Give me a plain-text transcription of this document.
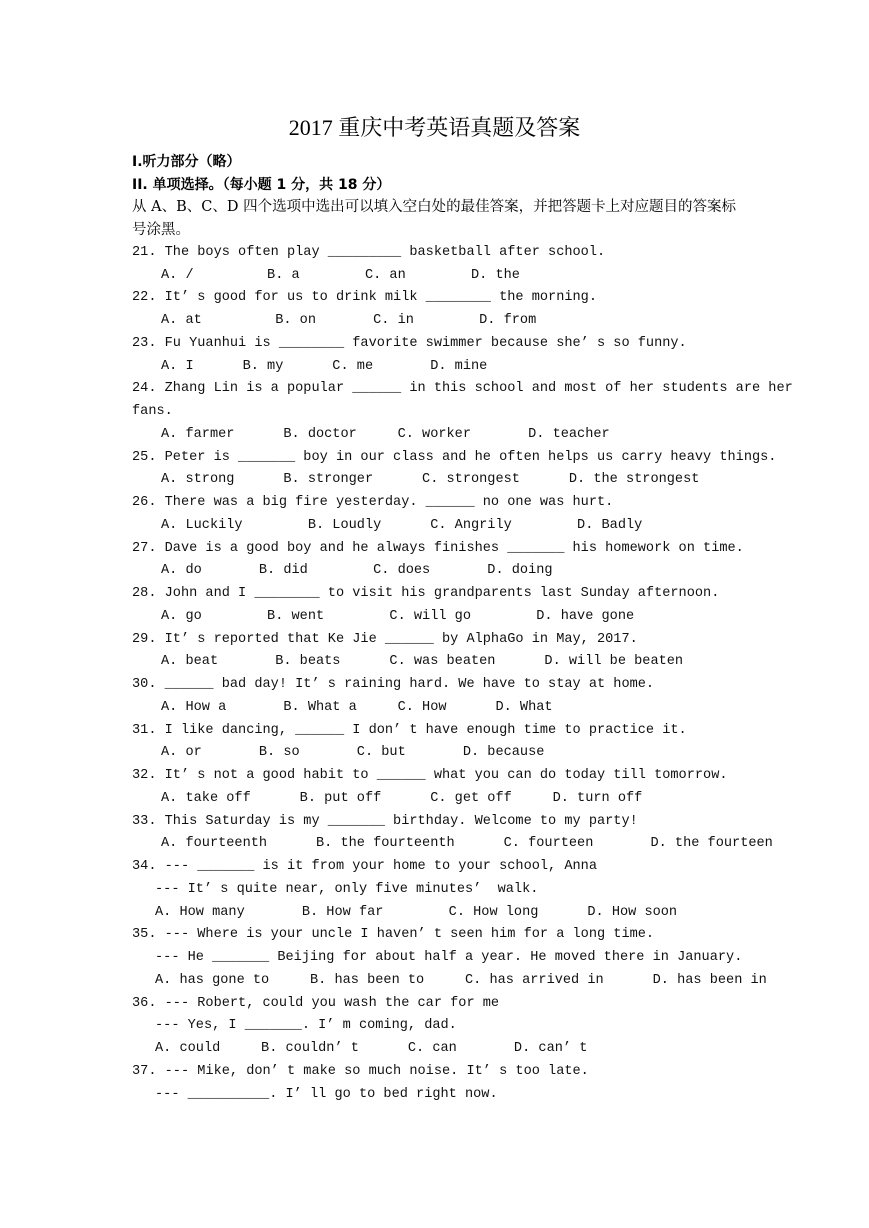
2017 重庆中考英语真题及答案
I.听力部分（略）
II. 单项选择。（每小题 1 分，共 18 分）
从 A、B、C、D 四个选项中选出可以填入空白处的最佳答案，并把答题卡上对应题目的答案标号涂黑。
21. The boys often play _________ basketball after school.
A. /         B. a        C. an        D. the
22. It’ s good for us to drink milk ________ the morning.
A. at         B. on       C. in        D. from
23. Fu Yuanhui is ________ favorite swimmer because she’ s so funny.
A. I      B. my      C. me       D. mine
24. Zhang Lin is a popular ______ in this school and most of her students are her
fans.
A. farmer      B. doctor     C. worker       D. teacher
25. Peter is _______ boy in our class and he often helps us carry heavy things.
A. strong      B. stronger      C. strongest      D. the strongest
26. There was a big fire yesterday. ______ no one was hurt.
A. Luckily        B. Loudly      C. Angrily        D. Badly
27. Dave is a good boy and he always finishes _______ his homework on time.
A. do       B. did        C. does       D. doing
28. John and I ________ to visit his grandparents last Sunday afternoon.
A. go        B. went        C. will go        D. have gone
29. It’ s reported that Ke Jie ______ by AlphaGo in May, 2017.
A. beat       B. beats      C. was beaten      D. will be beaten
30. ______ bad day! It’ s raining hard. We have to stay at home.
A. How a       B. What a     C. How      D. What
31. I like dancing, ______ I don’ t have enough time to practice it.
A. or       B. so       C. but       D. because
32. It’ s not a good habit to ______ what you can do today till tomorrow.
A. take off      B. put off      C. get off     D. turn off
33. This Saturday is my _______ birthday. Welcome to my party!
A. fourteenth      B. the fourteenth      C. fourteen       D. the fourteen
34. --- _______ is it from your home to your school, Anna
--- It’ s quite near, only five minutes’  walk.
A. How many       B. How far        C. How long      D. How soon
35. --- Where is your uncle I haven’ t seen him for a long time.
--- He _______ Beijing for about half a year. He moved there in January.
A. has gone to     B. has been to     C. has arrived in      D. has been in
36. --- Robert, could you wash the car for me
--- Yes, I _______. I’ m coming, dad.
A. could     B. couldn’ t      C. can       D. can’ t
37. --- Mike, don’ t make so much noise. It’ s too late.
--- __________. I’ ll go to bed right now.
